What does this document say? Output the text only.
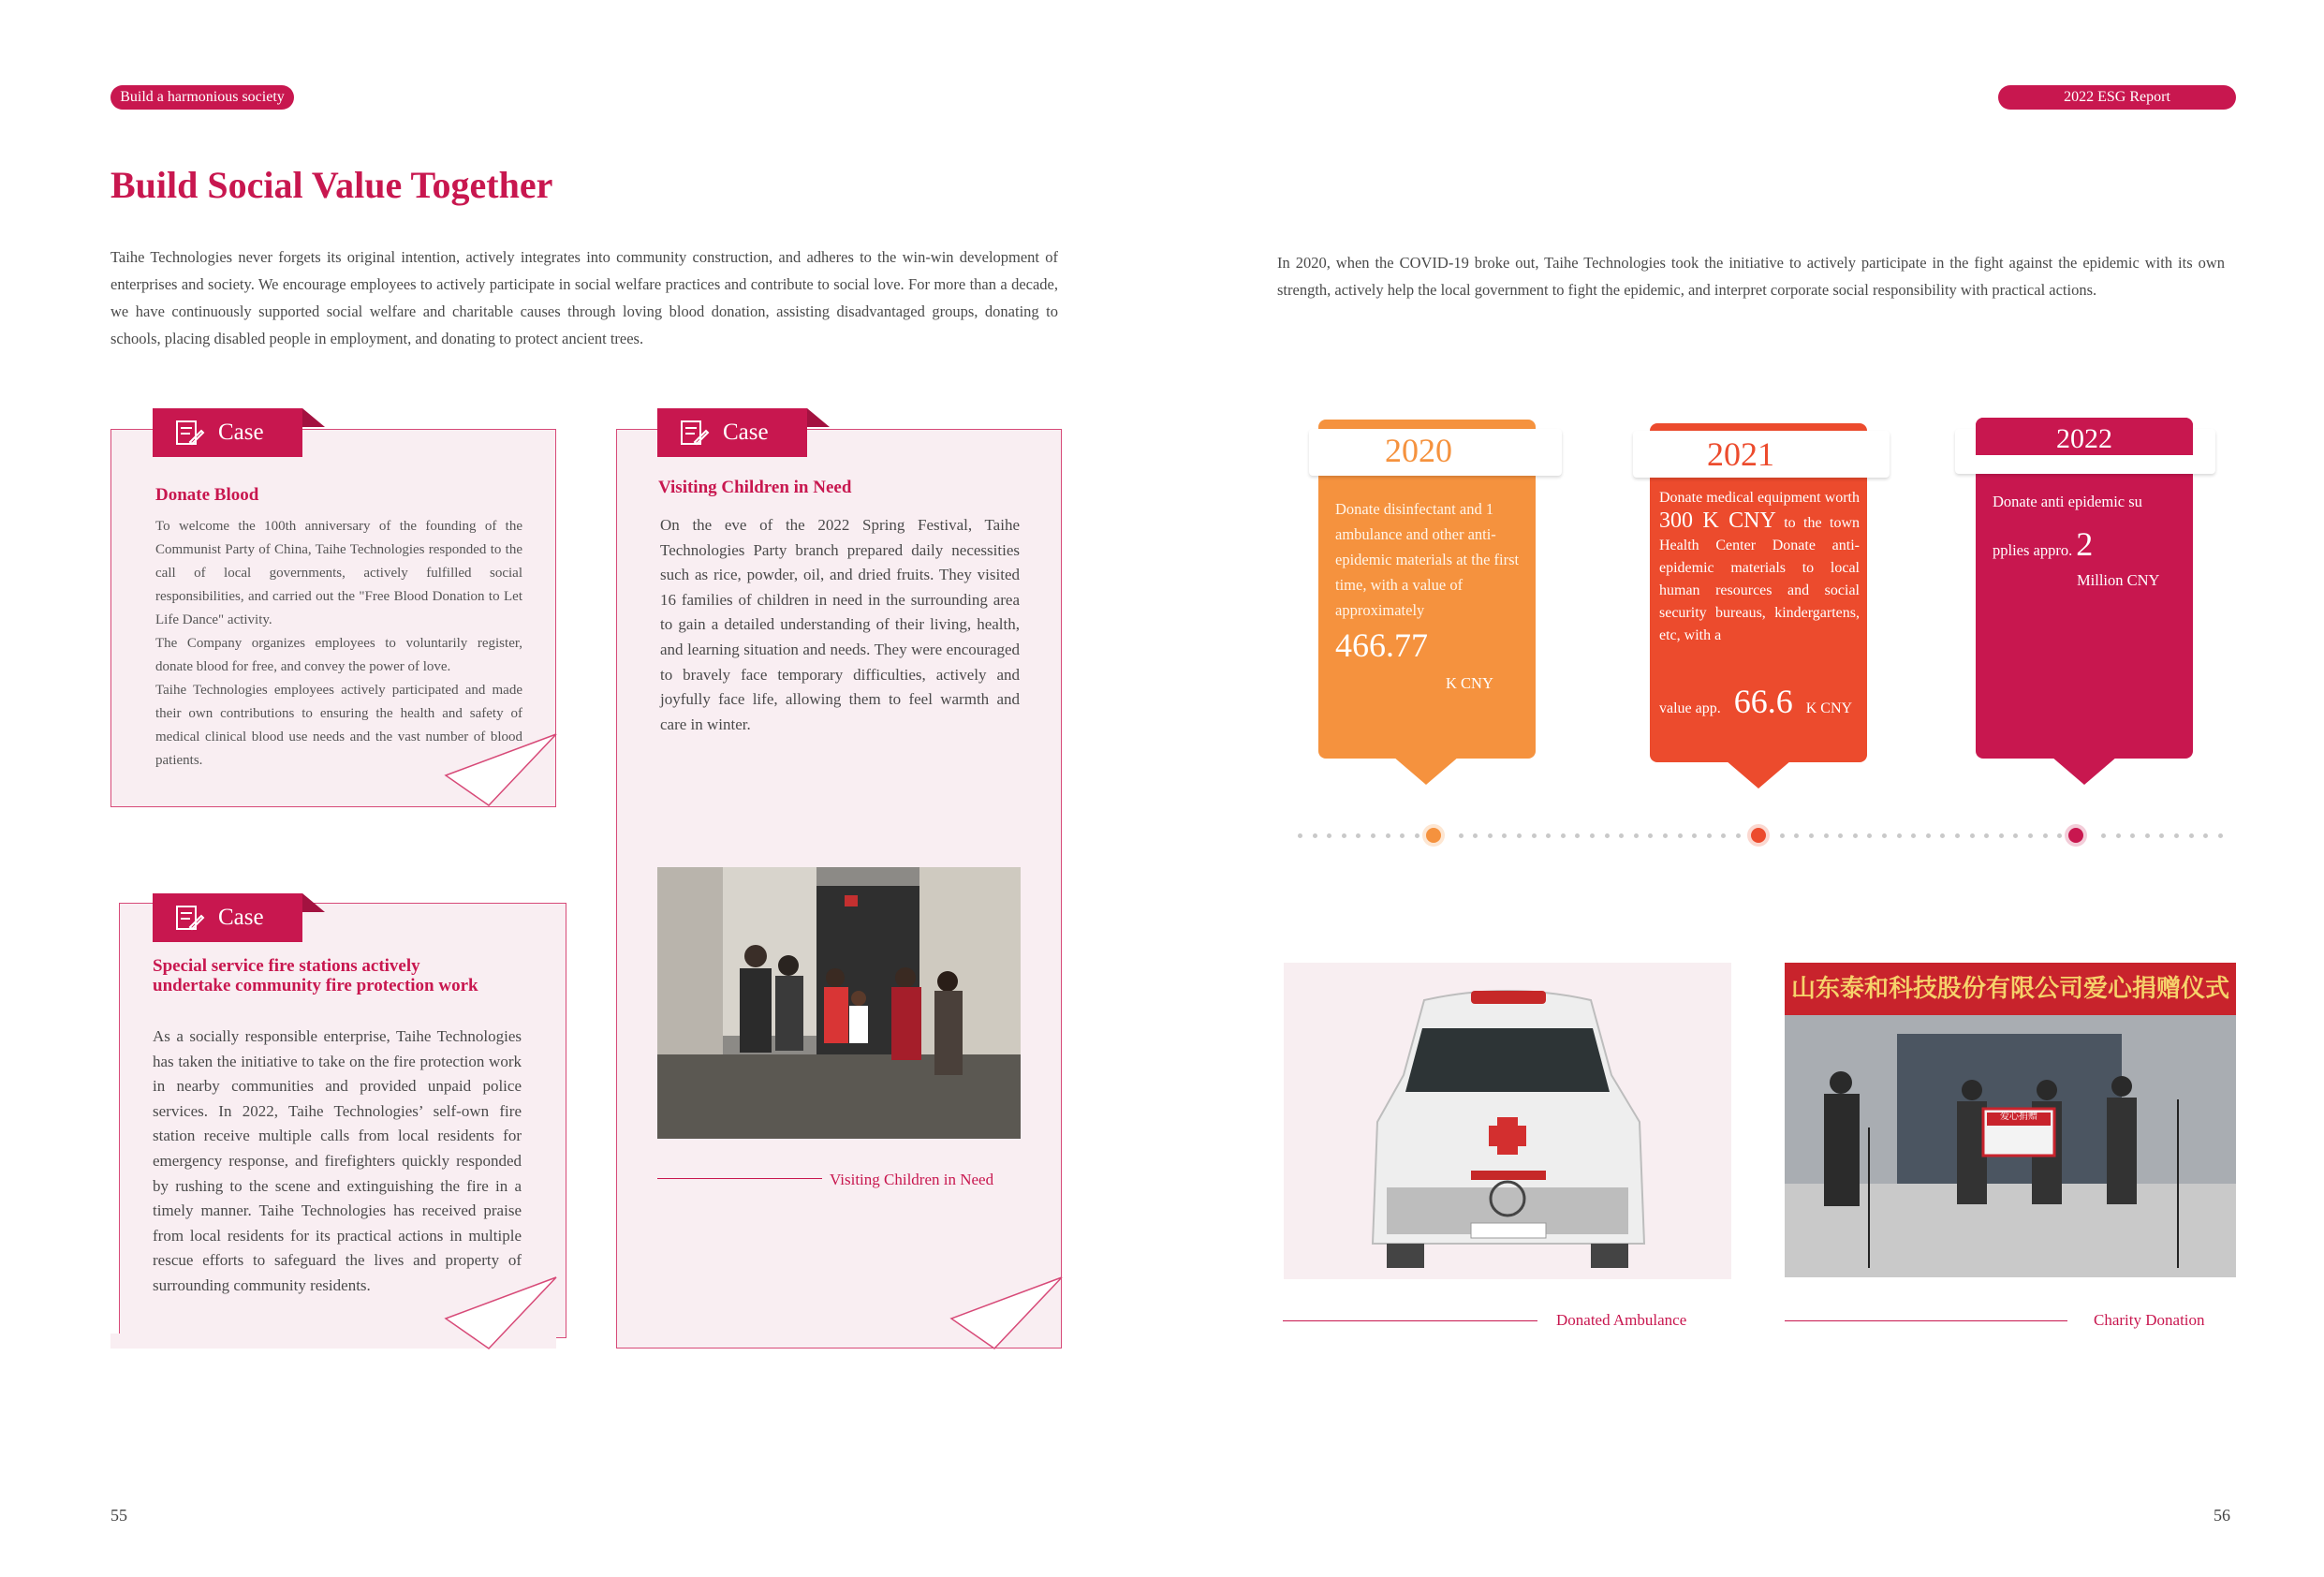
Build a harmonious society	2022 ESG Report
Build Social Value Together
Taihe Technologies never forgets its original intention, actively integrates into community construction, and adheres to the win-win development of enterprises and society. We encourage employees to actively participate in social welfare practices and contribute to social love. For more than a decade, we have continuously supported social welfare and charitable causes through loving blood donation, assisting disadvantaged groups, donating to schools, placing disabled people in employment, and donating to protect ancient trees.
In 2020, when the COVID-19 broke out, Taihe Technologies took the initiative to actively participate in the fight against the epidemic with its own strength, actively help the local government to fight the epidemic, and interpret corporate social responsibility with practical actions.
Case
Donate Blood
To welcome the 100th anniversary of the founding of the Communist Party of China, Taihe Technologies responded to the call of local governments, actively fulfilled social responsibilities, and carried out the "Free Blood Donation to Let Life Dance" activity.
The Company organizes employees to voluntarily register, donate blood for free, and convey the power of love.
Taihe Technologies employees actively participated and made their own contributions to ensuring the health and safety of medical clinical blood use needs and the vast number of blood patients.
Case
Visiting Children in Need
On the eve of the 2022 Spring Festival, Taihe Technologies Party branch prepared daily necessities such as rice, powder, oil, and dried fruits. They visited 16 families of children in need in the surrounding area to gain a detailed understanding of their living, health, and learning situation and needs. They were encouraged to bravely face temporary difficulties, actively and joyfully face life, allowing them to feel warmth and care in winter.
Visiting Children in Need
Case
Special service fire stations actively undertake community fire protection work
As a socially responsible enterprise, Taihe Technologies has taken the initiative to take on the fire protection work in nearby communities and provided unpaid police services. In 2022, Taihe Technologies’ self-own fire station receive multiple calls from local residents for emergency response, and firefighters quickly responded by rushing to the scene and extinguishing the fire in a timely manner. Taihe Technologies has received praise from local residents for its practical actions in multiple rescue efforts to safeguard the lives and property of surrounding community residents.
2020
Donate disinfectant and 1 ambulance and other anti-epidemic materials at the first time, with a value of approximately
466.77
K CNY
2021
Donate medical equipment worth 300 K CNY to the town Health Center Donate anti-epidemic materials to local human resources and social security bureaus, kindergartens, etc, with a
value app. 66.6 K CNY
2022
Donate anti epidemic su
pplies appro. 2
Million CNY
Donated Ambulance
山东泰和科技股份有限公司爱心捐赠仪式
爱心捐赠
Charity Donation
55	56
